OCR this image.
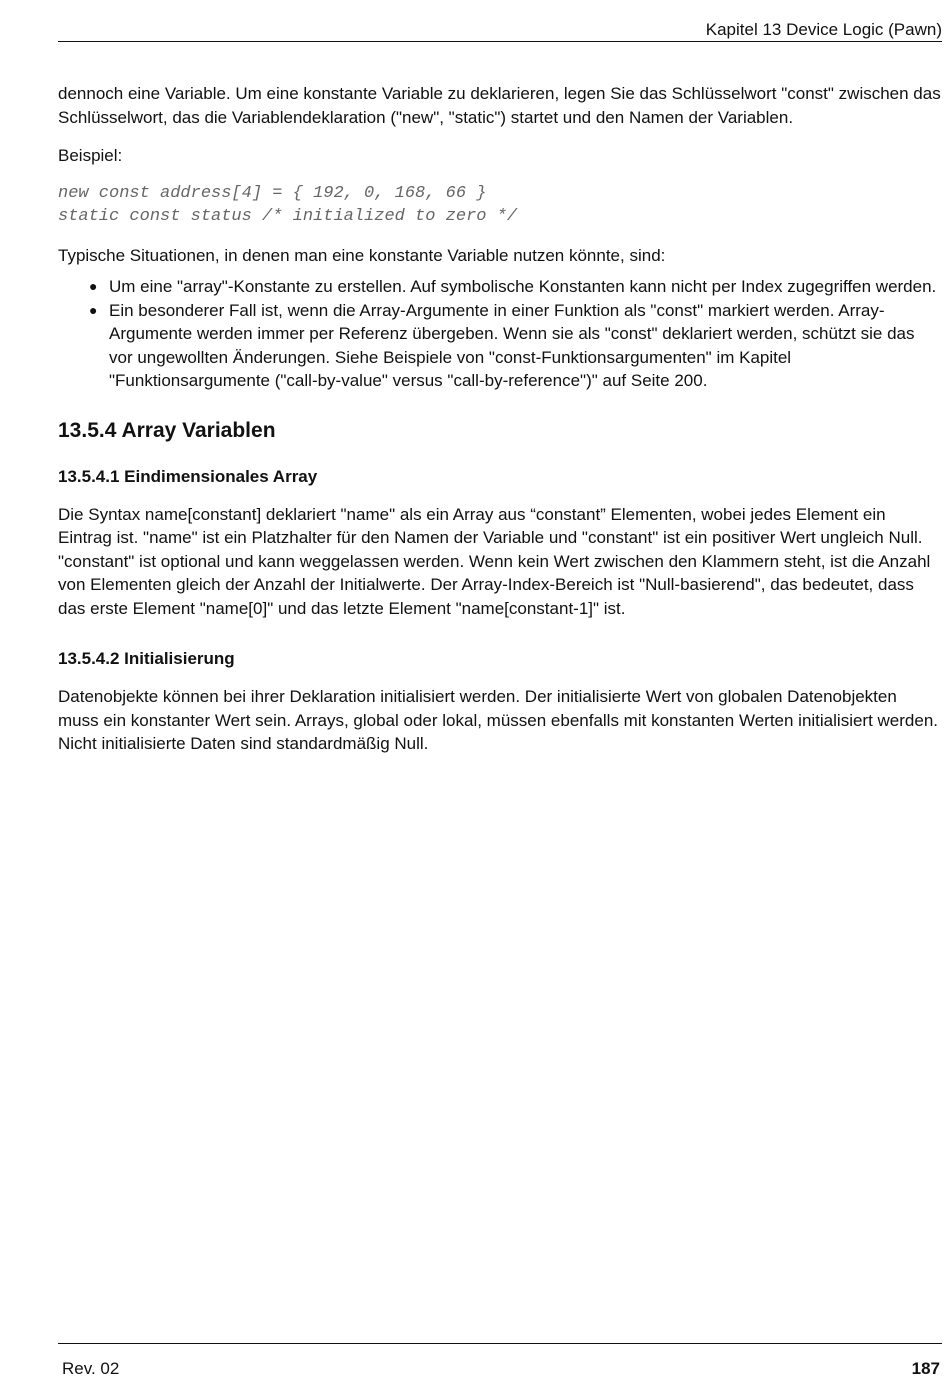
Kapitel 13 Device Logic (Pawn)

dennoch eine Variable. Um eine konstante Variable zu deklarieren, legen Sie das Schlüsselwort "const" zwischen das Schlüsselwort, das die Variablendeklaration ("new", "static") startet und den Namen der Variablen.

Beispiel:

new const address[4] = { 192, 0, 168, 66 }
static const status /* initialized to zero */

Typische Situationen, in denen man eine konstante Variable nutzen könnte, sind:

● Um eine "array"-Konstante zu erstellen. Auf symbolische Konstanten kann nicht per Index zugegriffen werden.
● Ein besonderer Fall ist, wenn die Array-Argumente in einer Funktion als "const" markiert werden. Array-Argumente werden immer per Referenz übergeben. Wenn sie als "const" deklariert werden, schützt sie das vor ungewollten Änderungen. Siehe Beispiele von "const-Funktionsargumenten" im Kapitel "Funktionsargumente ("call-by-value" versus "call-by-reference")" auf Seite 200.
13.5.4 Array Variablen
13.5.4.1 Eindimensionales Array

Die Syntax name[constant] deklariert "name" als ein Array aus “constant” Elementen, wobei jedes Element ein Eintrag ist. "name" ist ein Platzhalter für den Namen der Variable und "constant" ist ein positiver Wert ungleich Null. "constant" ist optional und kann weggelassen werden. Wenn kein Wert zwischen den Klammern steht, ist die Anzahl von Elementen gleich der Anzahl der Initialwerte. Der Array-Index-Bereich ist "Null-basierend", das bedeutet, dass das erste Element "name[0]" und das letzte Element "name[constant-1]" ist.

13.5.4.2 Initialisierung

Datenobjekte können bei ihrer Deklaration initialisiert werden. Der initialisierte Wert von globalen Datenobjekten muss ein konstanter Wert sein. Arrays, global oder lokal, müssen ebenfalls mit konstanten Werten initialisiert werden. Nicht initialisierte Daten sind standardmäßig Null.

Rev. 02	187
